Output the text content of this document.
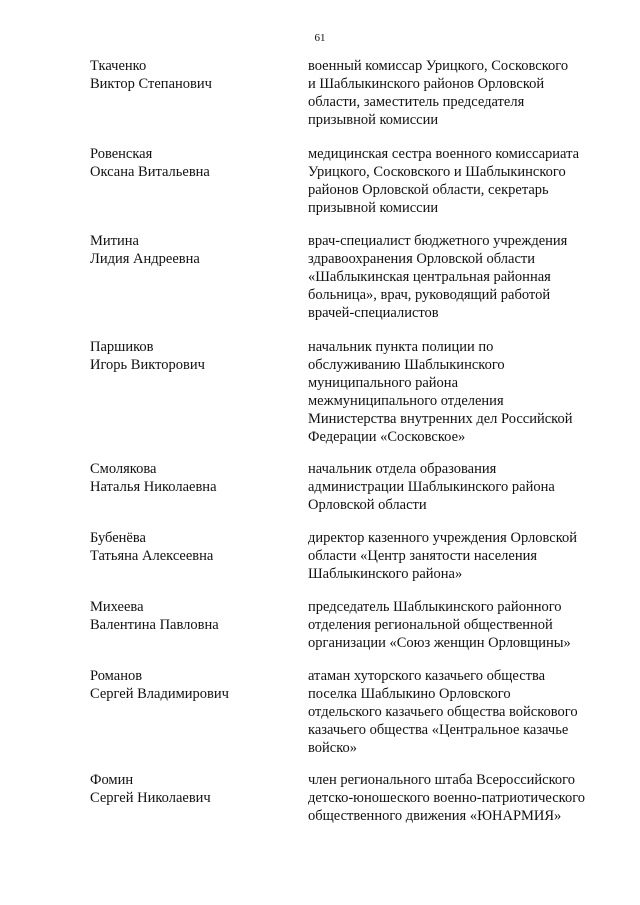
61
Ткаченко
Виктор Степанович
военный комиссар Урицкого, Сосковского
и Шаблыкинского районов Орловской
области, заместитель председателя
призывной комиссии
Ровенская
Оксана Витальевна
медицинская сестра военного комиссариата
Урицкого, Сосковского и Шаблыкинского
районов Орловской области, секретарь
призывной комиссии
Митина
Лидия Андреевна
врач-специалист бюджетного учреждения
здравоохранения Орловской области
«Шаблыкинская центральная районная
больница», врач, руководящий работой
врачей-специалистов
Паршиков
Игорь Викторович
начальник пункта полиции по
обслуживанию Шаблыкинского
муниципального района
межмуниципального отделения
Министерства внутренних дел Российской
Федерации «Сосковское»
Смолякова
Наталья Николаевна
начальник отдела образования
администрации Шаблыкинского района
Орловской области
Бубенёва
Татьяна Алексеевна
директор казенного учреждения Орловской
области «Центр занятости населения
Шаблыкинского района»
Михеева
Валентина Павловна
председатель Шаблыкинского районного
отделения региональной общественной
организации «Союз женщин Орловщины»
Романов
Сергей Владимирович
атаман хуторского казачьего общества
поселка Шаблыкино Орловского
отдельского казачьего общества войскового
казачьего общества «Центральное казачье
войско»
Фомин
Сергей Николаевич
член регионального штаба Всероссийского
детско-юношеского военно-патриотического
общественного движения «ЮНАРМИЯ»
